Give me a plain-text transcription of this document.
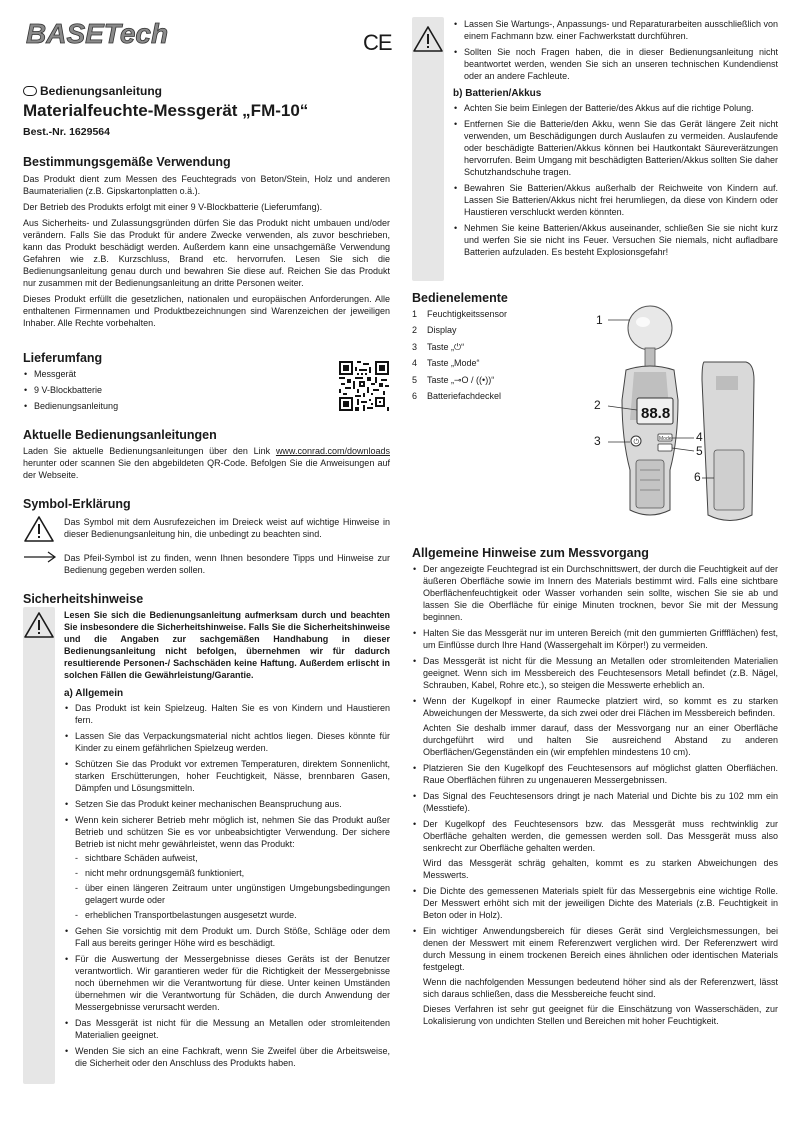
BASETech	CE
Bedienungsanleitung
Materialfeuchte-Messgerät „FM-10“
Best.-Nr. 1629564

Bestimmungsgemäße Verwendung

Das Produkt dient zum Messen des Feuchtegrads von Beton/Stein, Holz und anderen Baumaterialien (z.B. Gipskartonplatten o.ä.).

Der Betrieb des Produkts erfolgt mit einer 9 V-Blockbatterie (Lieferumfang).

Aus Sicherheits- und Zulassungsgründen dürfen Sie das Produkt nicht umbauen und/oder verändern. Falls Sie das Produkt für andere Zwecke verwenden, als zuvor beschrieben, kann das Produkt beschädigt werden. Außerdem kann eine unsachgemäße Verwendung Gefahren wie z.B. Kurzschluss, Brand etc. hervorrufen. Lesen Sie sich die Bedienungsanleitung genau durch und bewahren Sie diese auf. Reichen Sie das Produkt nur zusammen mit der Bedienungsanleitung an dritte Personen weiter.

Dieses Produkt erfüllt die gesetzlichen, nationalen und europäischen Anforderungen. Alle enthaltenen Firmennamen und Produktbezeichnungen sind Warenzeichen der jeweiligen Inhaber. Alle Rechte vorbehalten.

Lieferumfang

• Messgerät
• 9 V-Blockbatterie
• Bedienungsanleitung

Aktuelle Bedienungsanleitungen

Laden Sie aktuelle Bedienungsanleitungen über den Link www.conrad.com/downloads herunter oder scannen Sie den abgebildeten QR-Code. Befolgen Sie die Anweisungen auf der Webseite.

Symbol-Erklärung

Das Symbol mit dem Ausrufezeichen im Dreieck weist auf wichtige Hinweise in dieser Bedienungsanleitung hin, die unbedingt zu beachten sind.

Das Pfeil-Symbol ist zu finden, wenn Ihnen besondere Tipps und Hinweise zur Bedienung gegeben werden sollen.

Sicherheitshinweise

Lesen Sie sich die Bedienungsanleitung aufmerksam durch und beachten Sie insbesondere die Sicherheitshinweise. Falls Sie die Sicherheitshinweise und die Angaben zur sachgemäßen Handhabung in dieser Bedienungsanleitung nicht befolgen, übernehmen wir für dadurch resultierende Personen-/ Sachschäden keine Haftung. Außerdem erlischt in solchen Fällen die Gewährleistung/Garantie.

a) Allgemein

• Das Produkt ist kein Spielzeug. Halten Sie es von Kindern und Haustieren fern.
• Lassen Sie das Verpackungsmaterial nicht achtlos liegen. Dieses könnte für Kinder zu einem gefährlichen Spielzeug werden.
• Schützen Sie das Produkt vor extremen Temperaturen, direktem Sonnenlicht, starken Erschütterungen, hoher Feuchtigkeit, Nässe, brennbaren Gasen, Dämpfen und Lösungsmitteln.
• Setzen Sie das Produkt keiner mechanischen Beanspruchung aus.
• Wenn kein sicherer Betrieb mehr möglich ist, nehmen Sie das Produkt außer Betrieb und schützen Sie es vor unbeabsichtigter Verwendung. Der sichere Betrieb ist nicht mehr gewährleistet, wenn das Produkt:
- sichtbare Schäden aufweist,
- nicht mehr ordnungsgemäß funktioniert,
- über einen längeren Zeitraum unter ungünstigen Umgebungsbedingungen gelagert wurde oder
- erheblichen Transportbelastungen ausgesetzt wurde.
• Gehen Sie vorsichtig mit dem Produkt um. Durch Stöße, Schläge oder dem Fall aus bereits geringer Höhe wird es beschädigt.
• Für die Auswertung der Messergebnisse dieses Geräts ist der Benutzer verantwortlich. Wir garantieren weder für die Richtigkeit der Messergebnisse noch übernehmen wir die Verantwortung für diese. Unter keinen Umständen übernehmen wir die Verantwortung für Schäden, die durch Anwendung der Messergebnisse verursacht werden.
• Das Messgerät ist nicht für die Messung an Metallen oder stromleitenden Materialien geeignet.
• Wenden Sie sich an eine Fachkraft, wenn Sie Zweifel über die Arbeitsweise, die Sicherheit oder den Anschluss des Produkts haben.
• Lassen Sie Wartungs-, Anpassungs- und Reparaturarbeiten ausschließlich von einem Fachmann bzw. einer Fachwerkstatt durchführen.
• Sollten Sie noch Fragen haben, die in dieser Bedienungsanleitung nicht beantwortet werden, wenden Sie sich an unseren technischen Kundendienst oder an andere Fachleute.

b) Batterien/Akkus

• Achten Sie beim Einlegen der Batterie/des Akkus auf die richtige Polung.
• Entfernen Sie die Batterie/den Akku, wenn Sie das Gerät längere Zeit nicht verwenden, um Beschädigungen durch Auslaufen zu vermeiden. Auslaufende oder beschädigte Batterien/Akkus können bei Hautkontakt Säureverätzungen hervorrufen. Beim Umgang mit beschädigten Batterien/Akkus sollten Sie daher Schutzhandschuhe tragen.
• Bewahren Sie Batterien/Akkus außerhalb der Reichweite von Kindern auf. Lassen Sie Batterien/Akkus nicht frei herumliegen, da diese von Kindern oder Haustieren verschluckt werden könnten.
• Nehmen Sie keine Batterien/Akkus auseinander, schließen Sie sie nicht kurz und werfen Sie sie nicht ins Feuer. Versuchen Sie niemals, nicht aufladbare Batterien aufzuladen. Es besteht Explosionsgefahr!

Bedienelemente

1 Feuchtigkeitssensor
2 Display
3 Taste „⏻“
4 Taste „Mode“
5 Taste „⊸O / ((•))“
6 Batteriefachdeckel
88.8
⏻	Mode
1
2
3	4
5
6

Allgemeine Hinweise zum Messvorgang

• Der angezeigte Feuchtegrad ist ein Durchschnittswert, der durch die Feuchtigkeit auf der äußeren Oberfläche sowie im Innern des Materials bestimmt wird. Falls eine sichtbare Oberflächenfeuchtigkeit oder Wasser vorhanden sein sollte, wischen Sie sie ab und lassen Sie die Oberfläche für einige Minuten trocknen, bevor Sie mit der Messung beginnen.
• Halten Sie das Messgerät nur im unteren Bereich (mit den gummierten Griffflächen) fest, um Einflüsse durch Ihre Hand (Wassergehalt im Körper!) zu vermeiden.
• Das Messgerät ist nicht für die Messung an Metallen oder stromleitenden Materialien geeignet. Wenn sich im Messbereich des Feuchtesensors Metall befindet (z.B. Nägel, Schrauben, Kabel, Rohre etc.), so steigen die Messwerte erheblich an.
• Wenn der Kugelkopf in einer Raumecke platziert wird, so kommt es zu starken Abweichungen der Messwerte, da sich zwei oder drei Flächen im Messbereich befinden.

Achten Sie deshalb immer darauf, dass der Messvorgang nur an einer Oberfläche durchgeführt wird und halten Sie ausreichend Abstand zu anderen Oberflächen/Gegenständen ein (wir empfehlen mindestens 10 cm).

• Platzieren Sie den Kugelkopf des Feuchtesensors auf möglichst glatten Oberflächen. Raue Oberflächen führen zu ungenaueren Messergebnissen.
• Das Signal des Feuchtesensors dringt je nach Material und Dichte bis zu 102 mm ein (Messtiefe).
• Der Kugelkopf des Feuchtesensors bzw. das Messgerät muss rechtwinklig zur Oberfläche gehalten werden, die gemessen werden soll. Das Messgerät muss also senkrecht zur Oberfläche gehalten werden.

Wird das Messgerät schräg gehalten, kommt es zu starken Abweichungen des Messwerts.

• Die Dichte des gemessenen Materials spielt für das Messergebnis eine wichtige Rolle. Der Messwert erhöht sich mit der jeweiligen Dichte des Materials (z.B. Feuchtigkeit in Beton oder in Holz).
• Ein wichtiger Anwendungsbereich für dieses Gerät sind Vergleichsmessungen, bei denen der Messwert mit einem Referenzwert verglichen wird. Der Referenzwert wird durch Messung in einem trockenen Bereich eines ähnlichen oder identischen Materials festgelegt.

Wenn die nachfolgenden Messungen bedeutend höher sind als der Referenzwert, lässt sich daraus schließen, dass die Messbereiche feucht sind.

Dieses Verfahren ist sehr gut geeignet für die Einschätzung von Wasserschäden, zur Lokalisierung von undichten Stellen und Bereichen mit hoher Feuchtigkeit.
